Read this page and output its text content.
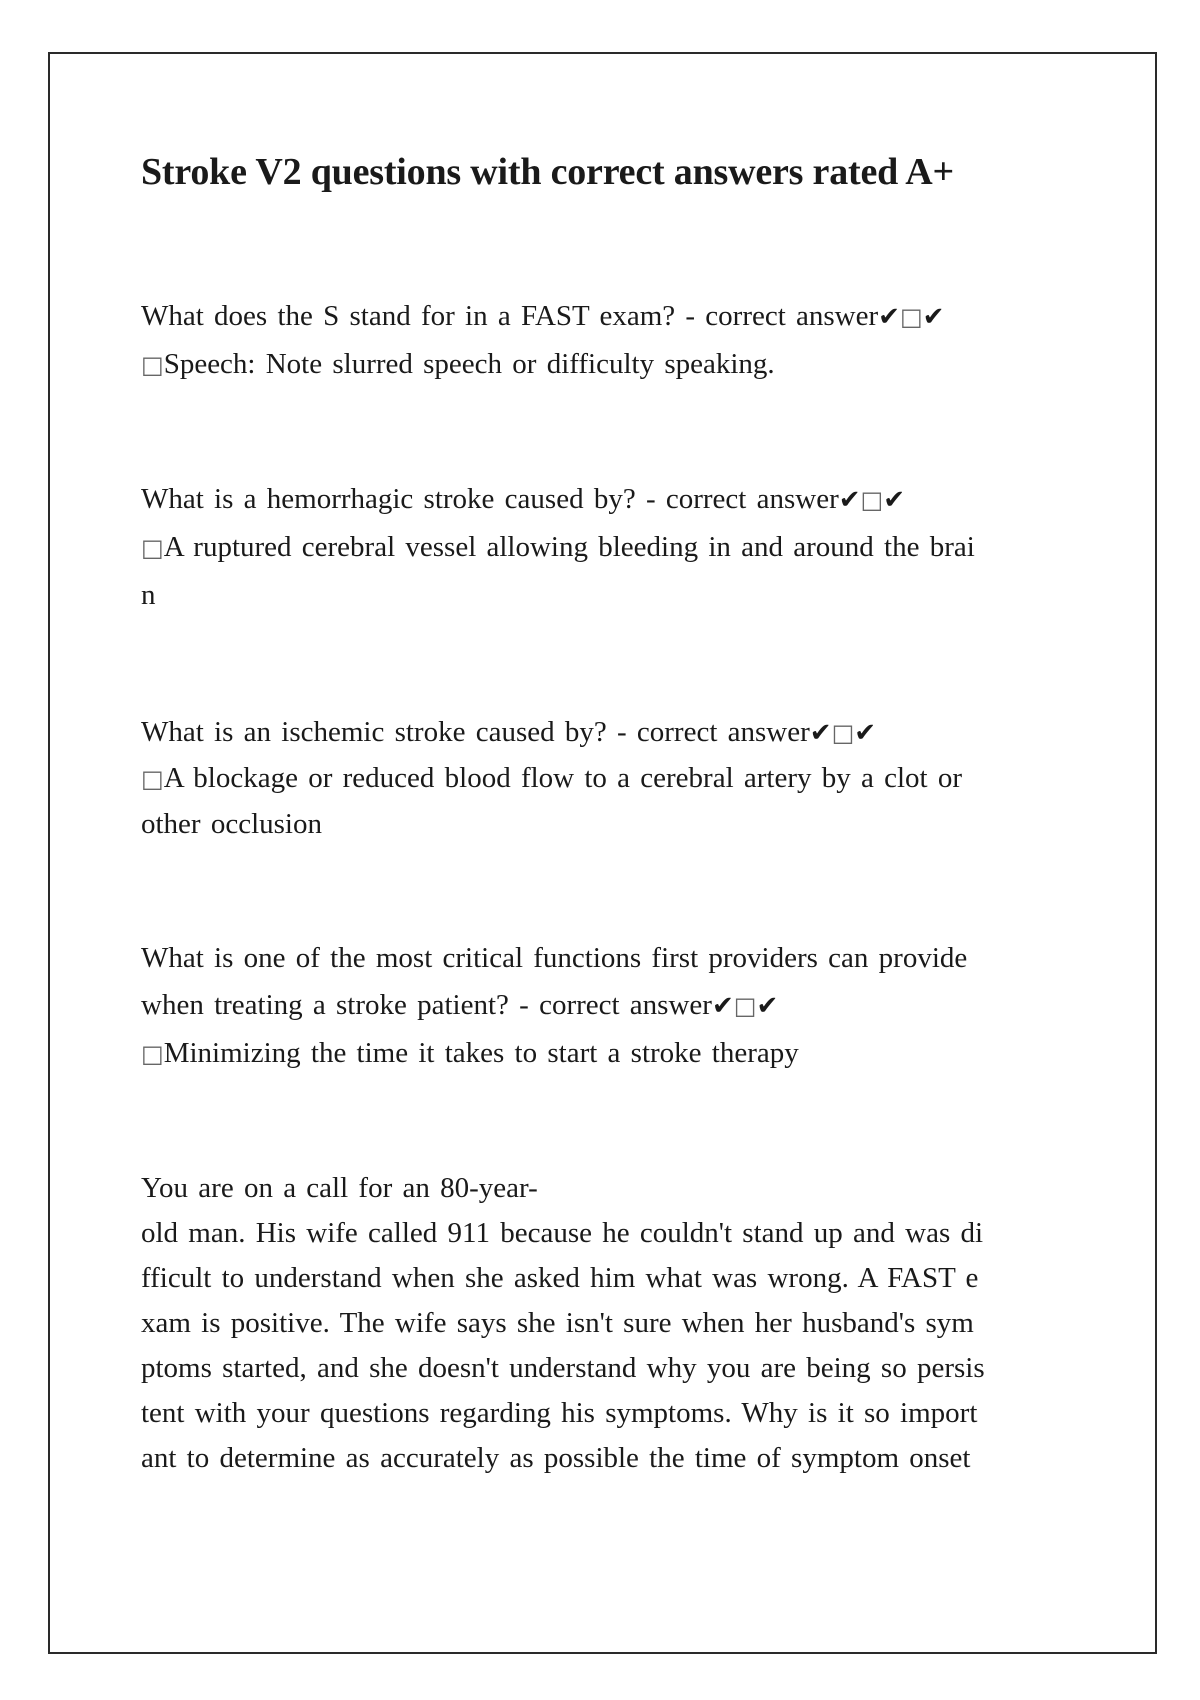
Stroke V2 questions with correct answers rated A+

What does the S stand for in a FAST exam? - correct answer✔□✔
□Speech: Note slurred speech or difficulty speaking.

What is a hemorrhagic stroke caused by? - correct answer✔□✔
□A ruptured cerebral vessel allowing bleeding in and around the brai
n

What is an ischemic stroke caused by? - correct answer✔□✔
□A blockage or reduced blood flow to a cerebral artery by a clot or
other occlusion

What is one of the most critical functions first providers can provide
when treating a stroke patient? - correct answer✔□✔
□Minimizing the time it takes to start a stroke therapy

You are on a call for an 80-year-
old man. His wife called 911 because he couldn't stand up and was di
fficult to understand when she asked him what was wrong. A FAST e
xam is positive. The wife says she isn't sure when her husband's sym
ptoms started, and she doesn't understand why you are being so persis
tent with your questions regarding his symptoms. Why is it so import
ant to determine as accurately as possible the time of symptom onset
